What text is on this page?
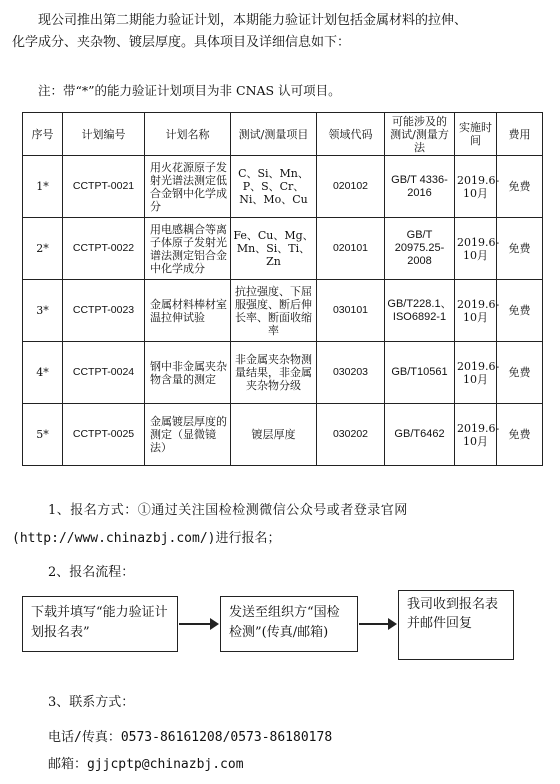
现公司推出第二期能力验证计划，本期能力验证计划包括金属材料的拉伸、
化学成分、夹杂物、镀层厚度。具体项目及详细信息如下：
注：带“*”的能力验证计划项目为非 CNAS 认可项目。
序号	计划编号	计划名称	测试/测量项目	领域代码	可能涉及的测试/测量方法	实施时间	费用
1*	CCTPT-0021	用火花源原子发射光谱法测定低合金钢中化学成分	C、Si、Mn、P、S、Cr、Ni、Mo、Cu	020102	GB/T 4336-2016	2019.6-10月	免费
2*	CCTPT-0022	用电感耦合等离子体原子发射光谱法测定铝合金中化学成分	Fe、Cu、Mg、Mn、Si、Ti、Zn	020101	GB/T 20975.25-2008	2019.6-10月	免费
3*	CCTPT-0023	金属材料棒材室温拉伸试验	抗拉强度、下屈服强度、断后伸长率、断面收缩率	030101	GB/T228.1、ISO6892-1	2019.6-10月	免费
4*	CCTPT-0024	钢中非金属夹杂物含量的测定	非金属夹杂物测量结果，非金属夹杂物分级	030203	GB/T10561	2019.6-10月	免费
5*	CCTPT-0025	金属镀层厚度的测定（显微镜法）	镀层厚度	030202	GB/T6462	2019.6-10月	免费
1、报名方式：①通过关注国检检测微信公众号或者登录官网
(http://www.chinazbj.com/)进行报名；
2、报名流程：
下载并填写“能力验证计划报名表”
发送至组织方“国检检测”(传真/邮箱)
我司收到报名表并邮件回复
3、联系方式：
电话/传真：0573-86161208/0573-86180178
邮箱：gjjcptp@chinazbj.com
